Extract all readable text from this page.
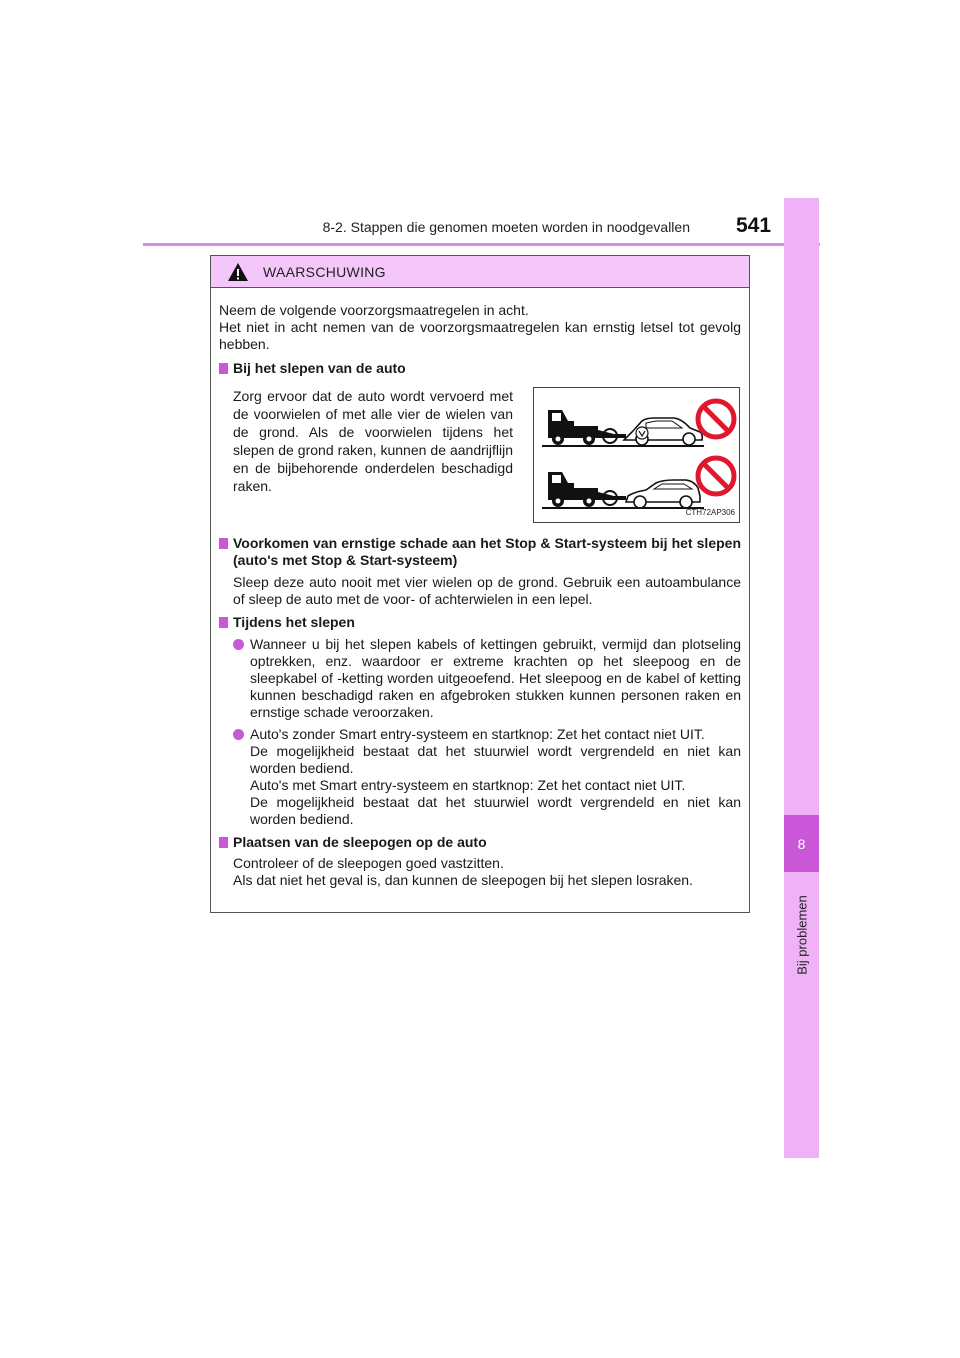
8-2. Stappen die genomen moeten worden in noodgevallen 541
8
Bij problemen
WAARSCHUWING

Neem de volgende voorzorgsmaatregelen in acht.

Het niet in acht nemen van de voorzorgsmaatregelen kan ernstig letsel tot gevolg hebben.

Bij het slepen van de auto

Zorg ervoor dat de auto wordt vervoerd met de voorwielen of met alle vier de wielen van de grond. Als de voorwielen tijdens het slepen de grond raken, kunnen de aandrijflijn en de bijbehorende onderdelen beschadigd raken.

CTH72AP306
Voorkomen van ernstige schade aan het Stop & Start-systeem bij het slepen (auto's met Stop & Start-systeem)

Sleep deze auto nooit met vier wielen op de grond. Gebruik een autoambulance of sleep de auto met de voor- of achterwielen in een lepel.

Tijdens het slepen

Wanneer u bij het slepen kabels of kettingen gebruikt, vermijd dan plotseling optrekken, enz. waardoor er extreme krachten op het sleepoog en de sleepkabel of -ketting worden uitgeoefend. Het sleepoog en de kabel of ketting kunnen beschadigd raken en afgebroken stukken kunnen personen raken en ernstige schade veroorzaken.

Auto's zonder Smart entry-systeem en startknop: Zet het contact niet UIT.

De mogelijkheid bestaat dat het stuurwiel wordt vergrendeld en niet kan worden bediend.

Auto's met Smart entry-systeem en startknop: Zet het contact niet UIT.

De mogelijkheid bestaat dat het stuurwiel wordt vergrendeld en niet kan worden bediend.

Plaatsen van de sleepogen op de auto

Controleer of de sleepogen goed vastzitten.

Als dat niet het geval is, dan kunnen de sleepogen bij het slepen losraken.
